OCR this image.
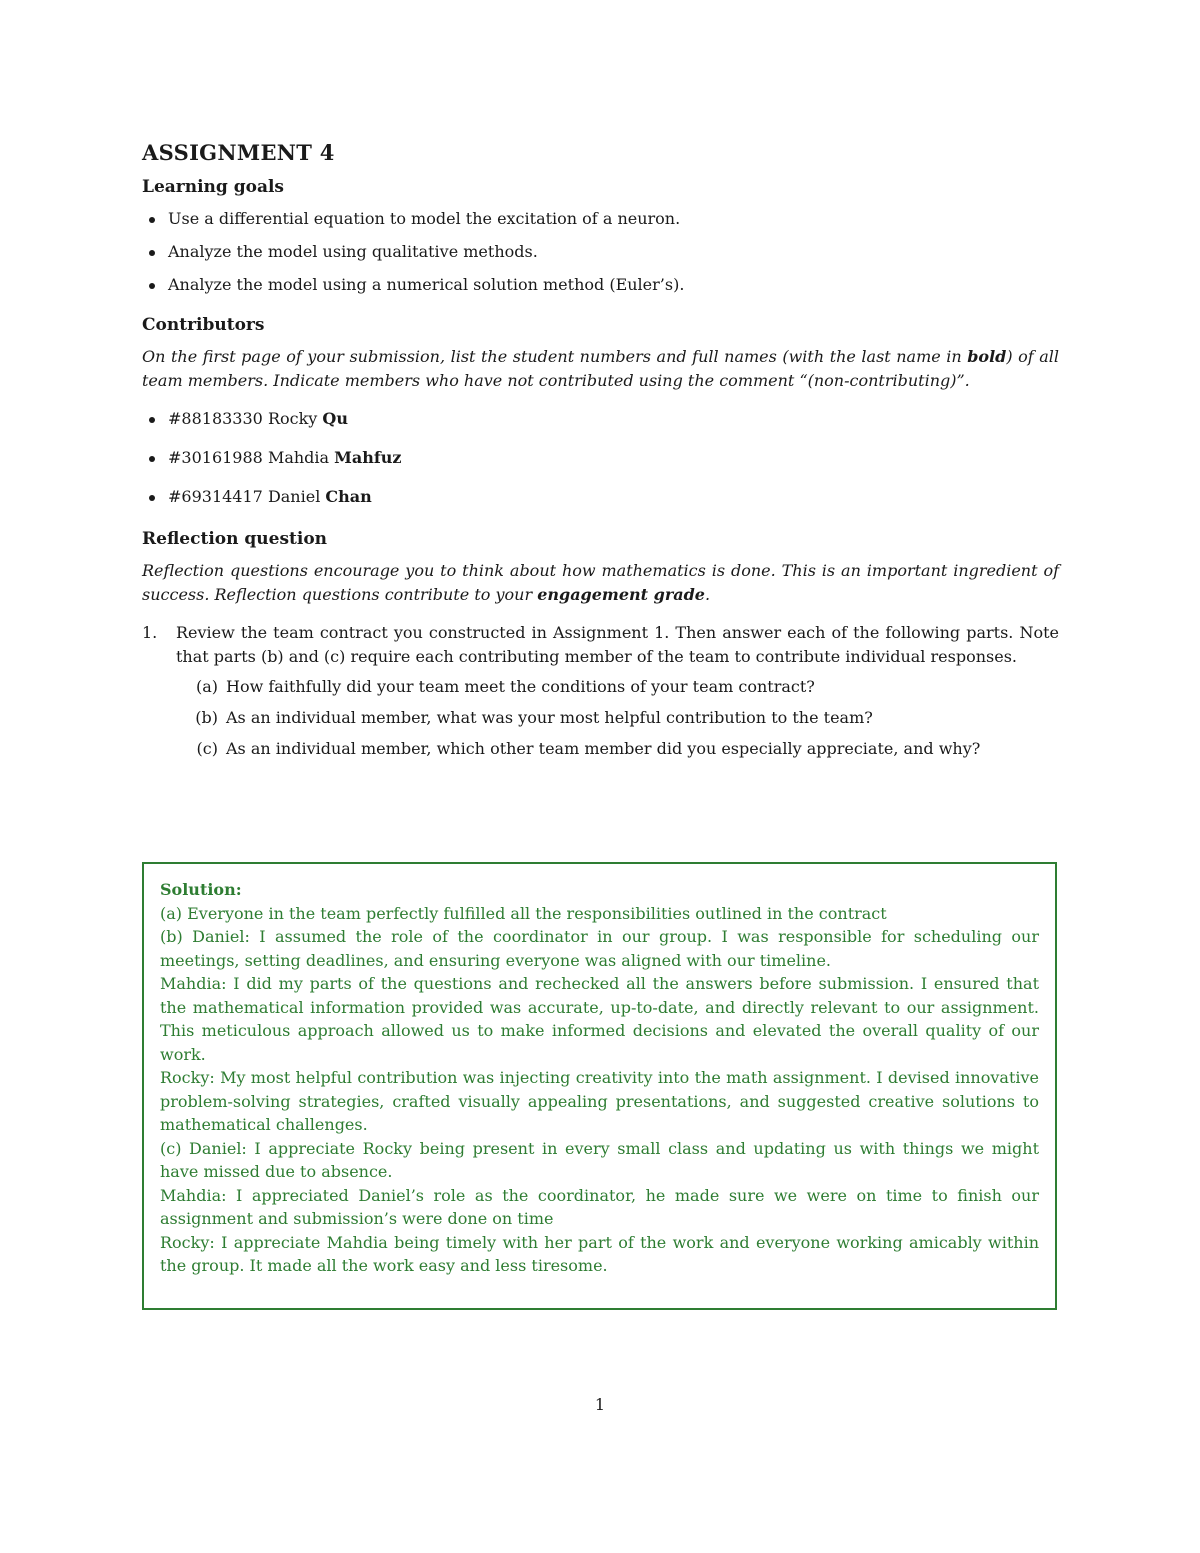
ASSIGNMENT 4
Learning goals
Use a differential equation to model the excitation of a neuron.
Analyze the model using qualitative methods.
Analyze the model using a numerical solution method (Euler’s).
Contributors

On the first page of your submission, list the student numbers and full names (with the last name in bold) of all team members. Indicate members who have not contributed using the comment “(non-contributing)”.

#88183330 Rocky Qu
#30161988 Mahdia Mahfuz
#69314417 Daniel Chan
Reflection question

Reflection questions encourage you to think about how mathematics is done. This is an important ingredient of success. Reflection questions contribute to your engagement grade.

1.	Review the team contract you constructed in Assignment 1. Then answer each of the following parts. Note that parts (b) and (c) require each contributing member of the team to contribute individual responses.
(a) How faithfully did your team meet the conditions of your team contract?
(b) As an individual member, what was your most helpful contribution to the team?
(c) As an individual member, which other team member did you especially appreciate, and why?
Solution:
(a) Everyone in the team perfectly fulfilled all the responsibilities outlined in the contract
(b) Daniel: I assumed the role of the coordinator in our group. I was responsible for scheduling our meetings, setting deadlines, and ensuring everyone was aligned with our timeline.
Mahdia: I did my parts of the questions and rechecked all the answers before submission. I ensured that the mathematical information provided was accurate, up-to-date, and directly relevant to our assignment. This meticulous approach allowed us to make informed decisions and elevated the overall quality of our work.
Rocky: My most helpful contribution was injecting creativity into the math assignment. I devised innovative problem-solving strategies, crafted visually appealing presentations, and suggested creative solutions to mathematical challenges.
(c) Daniel: I appreciate Rocky being present in every small class and updating us with things we might have missed due to absence.
Mahdia: I appreciated Daniel’s role as the coordinator, he made sure we were on time to finish our assignment and submission’s were done on time
Rocky: I appreciate Mahdia being timely with her part of the work and everyone working amicably within the group. It made all the work easy and less tiresome.
1
